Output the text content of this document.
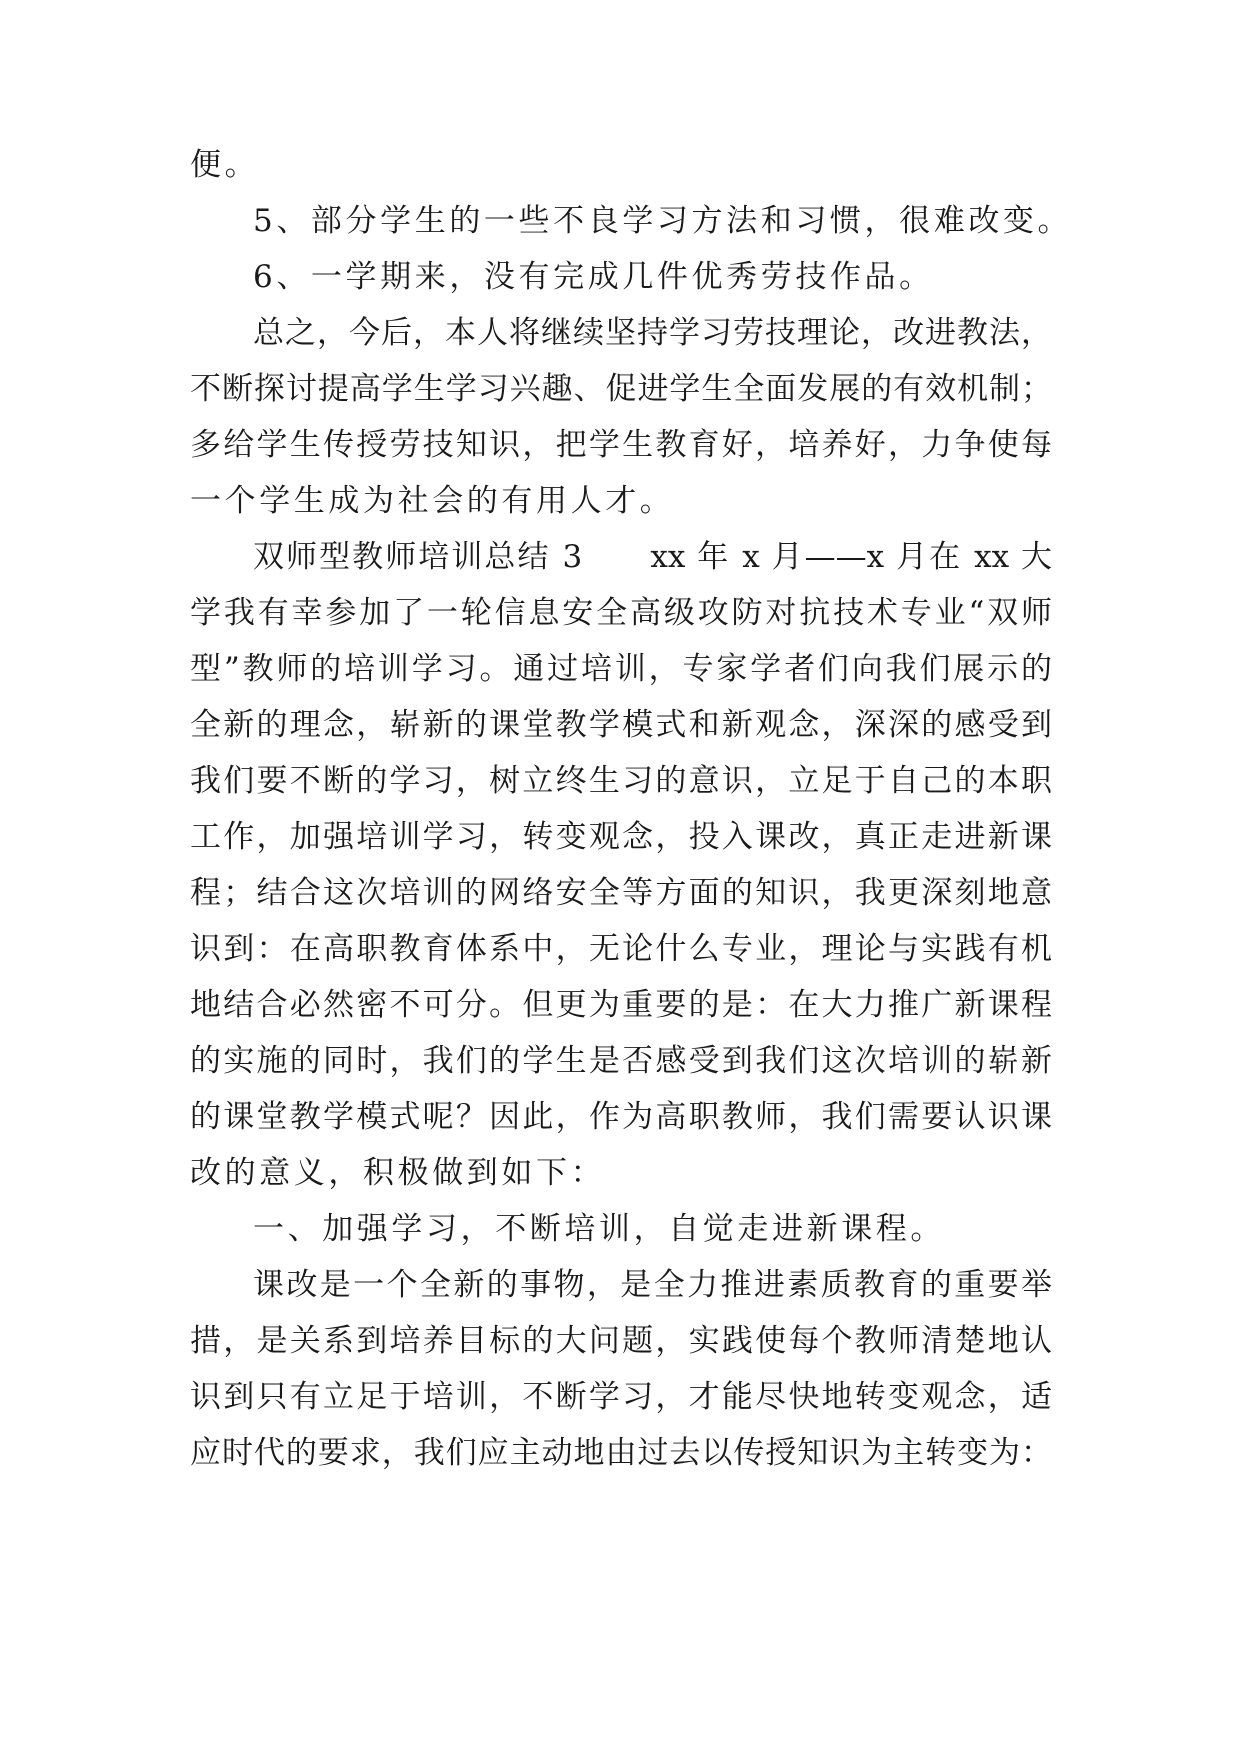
便。
5、部分学生的一些不良学习方法和习惯，很难改变。
6、一学期来，没有完成几件优秀劳技作品。
总之，今后，本人将继续坚持学习劳技理论，改进教法，
不断探讨提高学生学习兴趣、促进学生全面发展的有效机制；
多给学生传授劳技知识，把学生教育好，培养好，力争使每
一个学生成为社会的有用人才。
双师型教师培训总结 3　　xx 年 x 月——x 月在 xx 大
学我有幸参加了一轮信息安全高级攻防对抗技术专业“双师
型”教师的培训学习。通过培训，专家学者们向我们展示的
全新的理念，崭新的课堂教学模式和新观念，深深的感受到
我们要不断的学习，树立终生习的意识，立足于自己的本职
工作，加强培训学习，转变观念，投入课改，真正走进新课
程；结合这次培训的网络安全等方面的知识，我更深刻地意
识到：在高职教育体系中，无论什么专业，理论与实践有机
地结合必然密不可分。但更为重要的是：在大力推广新课程
的实施的同时，我们的学生是否感受到我们这次培训的崭新
的课堂教学模式呢？因此，作为高职教师，我们需要认识课
改的意义，积极做到如下：
一、加强学习，不断培训，自觉走进新课程。
课改是一个全新的事物，是全力推进素质教育的重要举
措，是关系到培养目标的大问题，实践使每个教师清楚地认
识到只有立足于培训，不断学习，才能尽快地转变观念，适
应时代的要求，我们应主动地由过去以传授知识为主转变为：
